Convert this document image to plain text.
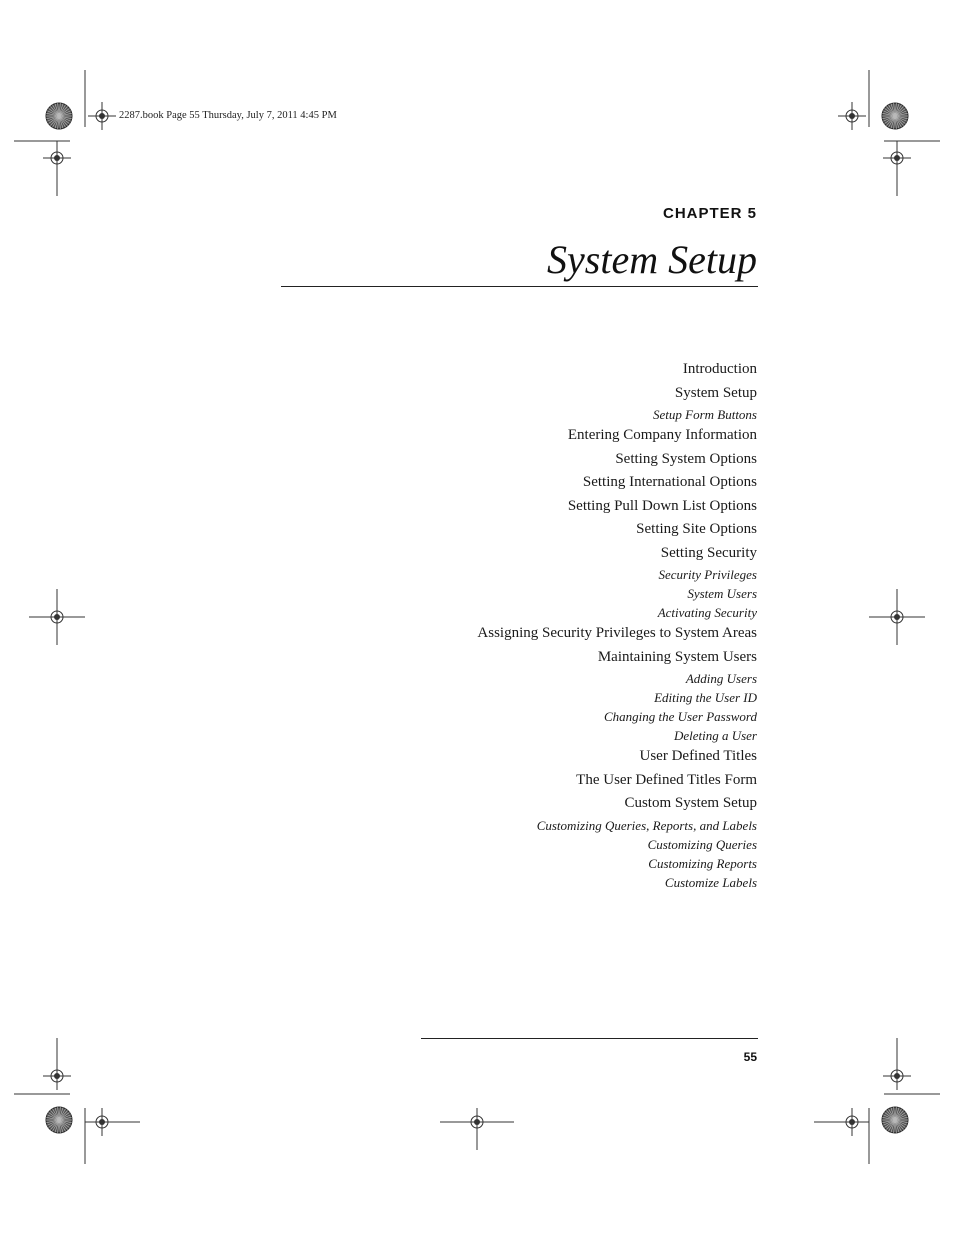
2287.book Page 55 Thursday, July 7, 2011 4:45 PM
CHAPTER 5
System Setup
Introduction
System Setup
Setup Form Buttons
Entering Company Information
Setting System Options
Setting International Options
Setting Pull Down List Options
Setting Site Options
Setting Security
Security Privileges
System Users
Activating Security
Assigning Security Privileges to System Areas
Maintaining System Users
Adding Users
Editing the User ID
Changing the User Password
Deleting a User
User Defined Titles
The User Defined Titles Form
Custom System Setup
Customizing Queries, Reports, and Labels
Customizing Queries
Customizing Reports
Customize Labels
55
